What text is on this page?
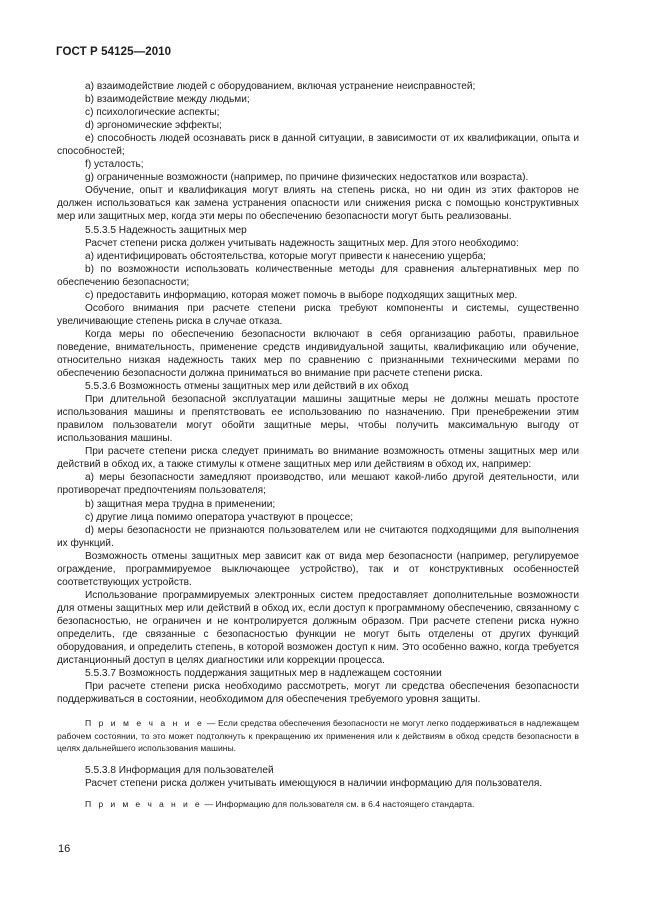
ГОСТ Р 54125—2010

а) взаимодействие людей с оборудованием, включая устранение неисправностей;

b) взаимодействие между людьми;

c) психологические аспекты;

d) эргономические эффекты;

e) способность людей осознавать риск в данной ситуации, в зависимости от их квалификации, опыта и способностей;

f) усталость;

g) ограниченные возможности (например, по причине физических недостатков или возраста).

Обучение, опыт и квалификация могут влиять на степень риска, но ни один из этих факторов не должен использоваться как замена устранения опасности или снижения риска с помощью конструктивных мер или защитных мер, когда эти меры по обеспечению безопасности могут быть реализованы.

5.5.3.5 Надежность защитных мер

Расчет степени риска должен учитывать надежность защитных мер. Для этого необходимо:

а) идентифицировать обстоятельства, которые могут привести к нанесению ущерба;

b) по возможности использовать количественные методы для сравнения альтернативных мер по обеспечению безопасности;

c) предоставить информацию, которая может помочь в выборе подходящих защитных мер.

Особого внимания при расчете степени риска требуют компоненты и системы, существенно увеличивающие степень риска в случае отказа.

Когда меры по обеспечению безопасности включают в себя организацию работы, правильное поведение, внимательность, применение средств индивидуальной защиты, квалификацию или обучение, относительно низкая надежность таких мер по сравнению с признанными техническими мерами по обеспечению безопасности должна приниматься во внимание при расчете степени риска.

5.5.3.6 Возможность отмены защитных мер или действий в их обход

При длительной безопасной эксплуатации машины защитные меры не должны мешать простоте использования машины и препятствовать ее использованию по назначению. При пренебрежении этим правилом пользователи могут обойти защитные меры, чтобы получить максимальную выгоду от использования машины.

При расчете степени риска следует принимать во внимание возможность отмены защитных мер или действий в обход их, а также стимулы к отмене защитных мер или действиям в обход их, например:

а) меры безопасности замедляют производство, или мешают какой-либо другой деятельности, или противоречат предпочтениям пользователя;

b) защитная мера трудна в применении;

c) другие лица помимо оператора участвуют в процессе;

d) меры безопасности не признаются пользователем или не считаются подходящими для выполнения их функций.

Возможность отмены защитных мер зависит как от вида мер безопасности (например, регулируемое ограждение, программируемое выключающее устройство), так и от конструктивных особенностей соответствующих устройств.

Использование программируемых электронных систем предоставляет дополнительные возможности для отмены защитных мер или действий в обход их, если доступ к программному обеспечению, связанному с безопасностью, не ограничен и не контролируется должным образом. При расчете степени риска нужно определить, где связанные с безопасностью функции не могут быть отделены от других функций оборудования, и определить степень, в которой возможен доступ к ним. Это особенно важно, когда требуется дистанционный доступ в целях диагностики или коррекции процесса.

5.5.3.7 Возможность поддержания защитных мер в надлежащем состоянии

При расчете степени риска необходимо рассмотреть, могут ли средства обеспечения безопасности поддерживаться в состоянии, необходимом для обеспечения требуемого уровня защиты.

П р и м е ч а н и е — Если средства обеспечения безопасности не могут легко поддерживаться в надлежащем рабочем состоянии, то это может подтолкнуть к прекращению их применения или к действиям в обход средств безопасности в целях дальнейшего использования машины.

5.5.3.8 Информация для пользователей

Расчет степени риска должен учитывать имеющуюся в наличии информацию для пользователя.

П р и м е ч а н и е — Информацию для пользователя см. в 6.4 настоящего стандарта.

16
